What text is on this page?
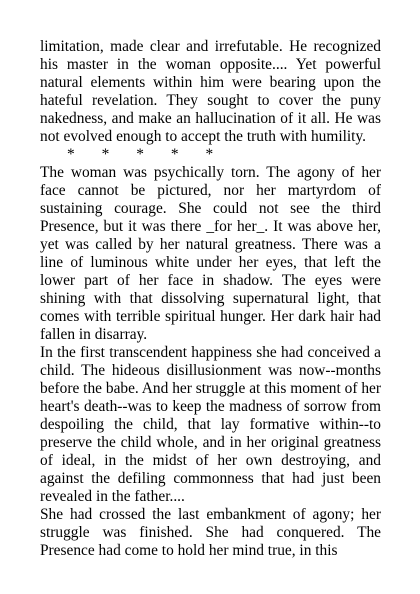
limitation, made clear and irrefutable. He recognized his master in the woman opposite.... Yet powerful natural elements within him were bearing upon the hateful revelation. They sought to cover the puny nakedness, and make an hallucination of it all. He was not evolved enough to accept the truth with humility.

*       *       *       *       *

The woman was psychically torn. The agony of her face cannot be pictured, nor her martyrdom of sustaining courage. She could not see the third Presence, but it was there _for her_. It was above her, yet was called by her natural greatness. There was a line of luminous white under her eyes, that left the lower part of her face in shadow. The eyes were shining with that dissolving supernatural light, that comes with terrible spiritual hunger. Her dark hair had fallen in disarray.

In the first transcendent happiness she had conceived a child. The hideous disillusionment was now--months before the babe. And her struggle at this moment of her heart's death--was to keep the madness of sorrow from despoiling the child, that lay formative within--to preserve the child whole, and in her original greatness of ideal, in the midst of her own destroying, and against the defiling commonness that had just been revealed in the father....

She had crossed the last embankment of agony; her struggle was finished. She had conquered. The Presence had come to hold her mind true, in this
